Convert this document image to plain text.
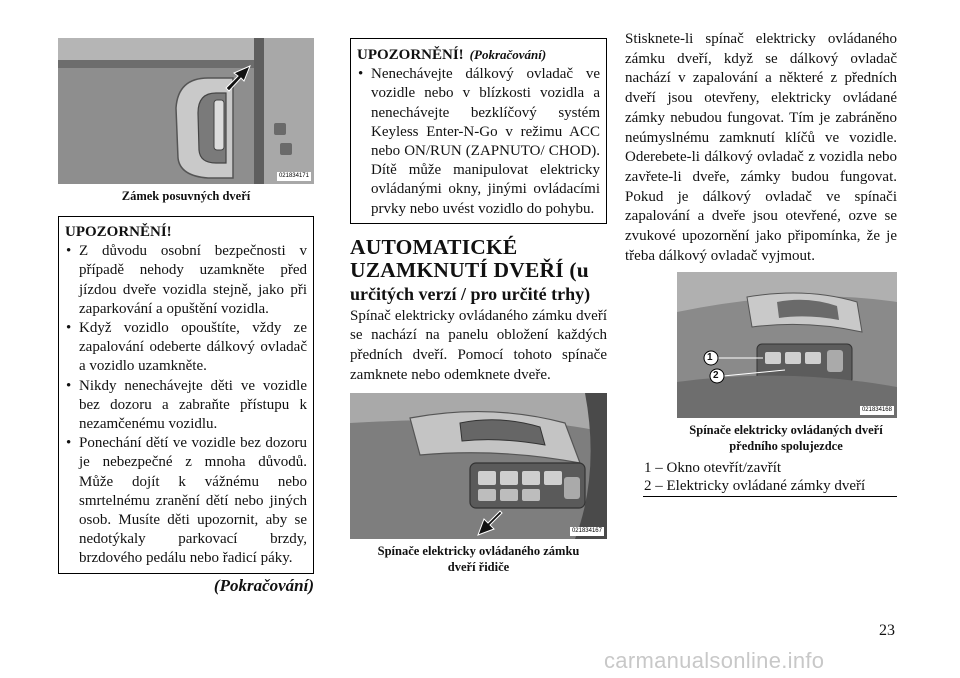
021834171
Zámek posuvných dveří
UPOZORNĚNÍ!
• Z důvodu osobní bezpečnosti v případě nehody uzamkněte před jízdou dveře vozidla stejně, jako při zaparkování a opuštění vozidla.
• Když vozidlo opouštíte, vždy ze zapalování odeberte dálkový ovladač a vozidlo uzamkněte.
• Nikdy nenechávejte děti ve vozidle bez dozoru a zabraňte přístupu k nezamčenému vozidlu.
• Ponechání dětí ve vozidle bez dozoru je nebezpečné z mnoha důvodů. Může dojít k vážnému nebo smrtelnému zranění dětí nebo jiných osob. Musíte děti upozornit, aby se nedotýkaly parkovací brzdy, brzdového pedálu nebo řadicí páky.
(Pokračování)
UPOZORNĚNÍ! (Pokračování)
• Nenechávejte dálkový ovladač ve vozidle nebo v blízkosti vozidla a nenechávejte bezklíčový systém Keyless Enter-N-Go v režimu ACC nebo ON/RUN (ZAPNUTO/ CHOD). Dítě může manipulovat elektricky ovládanými okny, jinými ovládacími prvky nebo uvést vozidlo do pohybu.
AUTOMATICKÉ UZAMKNUTÍ DVEŘÍ (u
určitých verzí / pro určité trhy)

Spínač elektricky ovládaného zámku dveří se nachází na panelu obložení každých předních dveří. Pomocí tohoto spínače zamknete nebo odemknete dveře.

021834167
Spínače elektricky ovládaného zámku dveří řidiče

Stisknete-li spínač elektricky ovládaného zámku dveří, když se dálkový ovladač nachází v zapalování a některé z předních dveří jsou otevřeny, elektricky ovládané zámky nebudou fungovat. Tím je zabráněno neúmyslnému zamknutí klíčů ve vozidle. Oderebete-li dálkový ovladač z vozidla nebo zavřete-li dveře, zámky budou fungovat. Pokud je dálkový ovladač ve spínači zapalování a dveře jsou otevřené, ozve se zvukové upozornění jako připomínka, že je třeba dálkový ovladač vyjmout.

1
2
021834168
Spínače elektricky ovládaných dveří předního spolujezdce
1 – Okno otevřít/zavřít
2 – Elektricky ovládané zámky dveří
23
carmanualsonline.info
